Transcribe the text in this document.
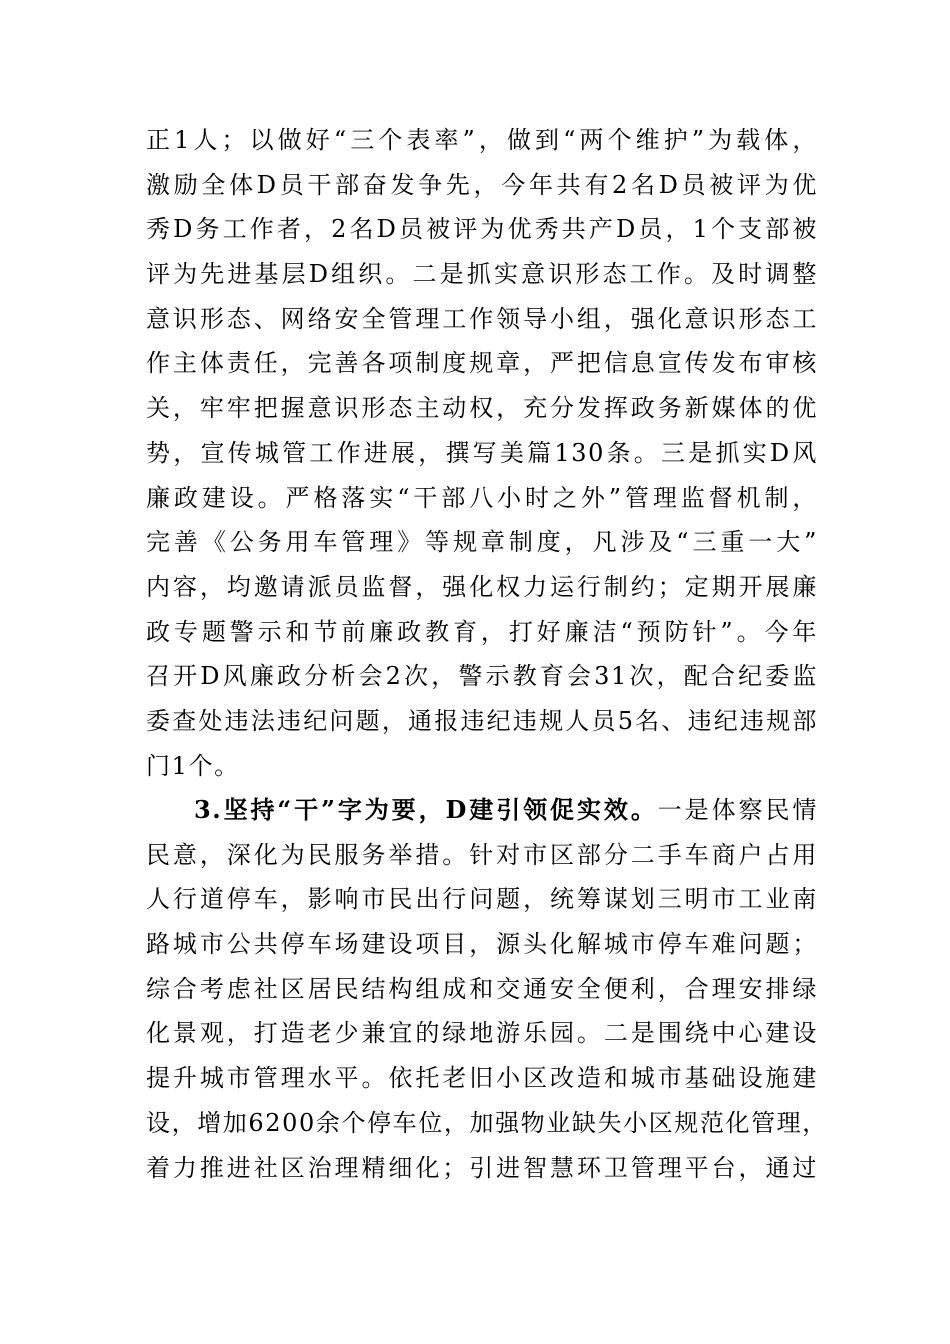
正1人；以做好“三个表率”，做到“两个维护”为载体，
激励全体D员干部奋发争先，今年共有2名D员被评为优
秀D务工作者，2名D员被评为优秀共产D员，1个支部被
评为先进基层D组织。二是抓实意识形态工作。及时调整
意识形态、网络安全管理工作领导小组，强化意识形态工
作主体责任，完善各项制度规章，严把信息宣传发布审核
关，牢牢把握意识形态主动权，充分发挥政务新媒体的优
势，宣传城管工作进展，撰写美篇130条。三是抓实D风
廉政建设。严格落实“干部八小时之外”管理监督机制，
完善《公务用车管理》等规章制度，凡涉及“三重一大”
内容，均邀请派员监督，强化权力运行制约；定期开展廉
政专题警示和节前廉政教育，打好廉洁“预防针”。今年
召开D风廉政分析会2次，警示教育会31次，配合纪委监
委查处违法违纪问题，通报违纪违规人员5名、违纪违规部
门1个。
3.坚持“干”字为要，D建引领促实效。一是体察民情
民意，深化为民服务举措。针对市区部分二手车商户占用
人行道停车，影响市民出行问题，统筹谋划三明市工业南
路城市公共停车场建设项目，源头化解城市停车难问题；
综合考虑社区居民结构组成和交通安全便利，合理安排绿
化景观，打造老少兼宜的绿地游乐园。二是围绕中心建设
提升城市管理水平。依托老旧小区改造和城市基础设施建
设，增加6200余个停车位，加强物业缺失小区规范化管理，
着力推进社区治理精细化；引进智慧环卫管理平台，通过
